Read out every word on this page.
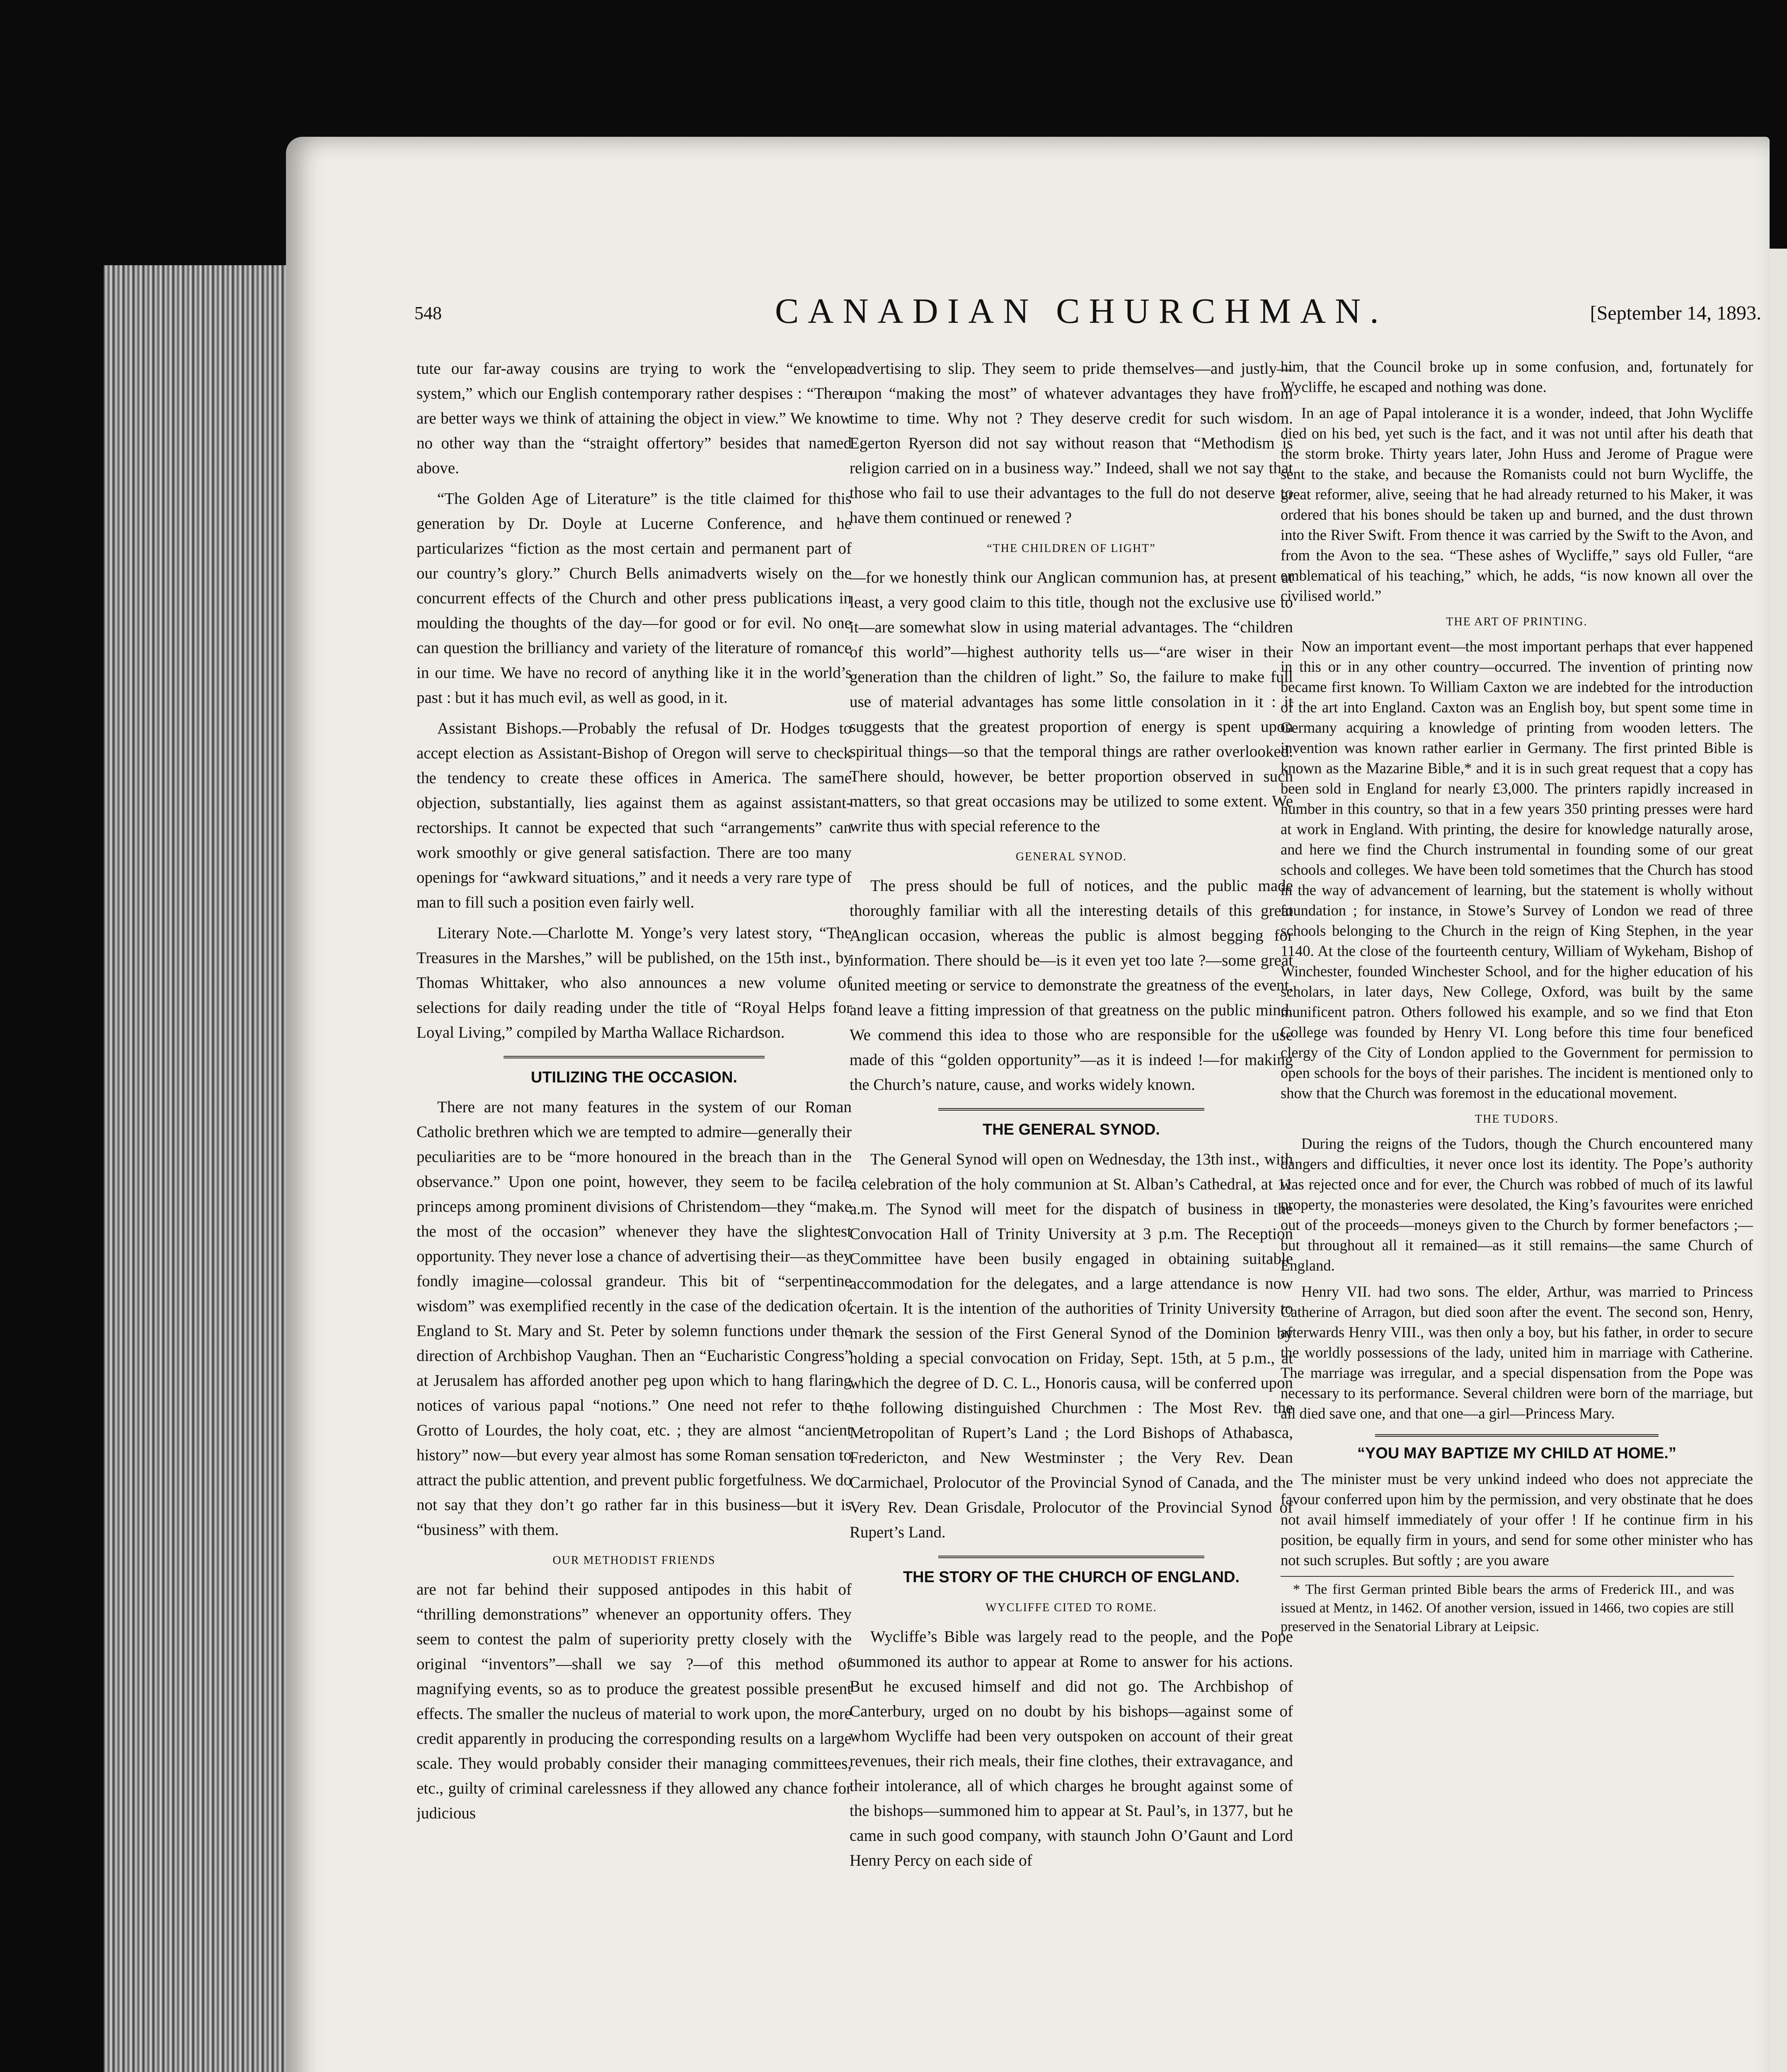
548	CANADIAN CHURCHMAN.	[September 14, 1893.

tute our far-away cousins are trying to work the “envelope system,” which our English contemporary rather despises : “There are better ways we think of attaining the object in view.” We know no other way than the “straight offertory” besides that named above.

“The Golden Age of Literature” is the title claimed for this generation by Dr. Doyle at Lucerne Conference, and he particularizes “fiction as the most certain and permanent part of our country’s glory.” Church Bells animadverts wisely on the concurrent effects of the Church and other press publications in moulding the thoughts of the day—for good or for evil. No one can question the brilliancy and variety of the literature of romance in our time. We have no record of anything like it in the world’s past : but it has much evil, as well as good, in it.

Assistant Bishops.—Probably the refusal of Dr. Hodges to accept election as Assistant-Bishop of Oregon will serve to check the tendency to create these offices in America. The same objection, substantially, lies against them as against assistant-rectorships. It cannot be expected that such “arrangements” can work smoothly or give general satisfaction. There are too many openings for “awkward situations,” and it needs a very rare type of man to fill such a position even fairly well.

Literary Note.—Charlotte M. Yonge’s very latest story, “The Treasures in the Marshes,” will be published, on the 15th inst., by Thomas Whittaker, who also announces a new volume of selections for daily reading under the title of “Royal Helps for Loyal Living,” compiled by Martha Wallace Richardson.

UTILIZING THE OCCASION.

There are not many features in the system of our Roman Catholic brethren which we are tempted to admire—generally their peculiarities are to be “more honoured in the breach than in the observance.” Upon one point, however, they seem to be facile princeps among prominent divisions of Christendom—they “make the most of the occasion” whenever they have the slightest opportunity. They never lose a chance of advertising their—as they fondly imagine—colossal grandeur. This bit of “serpentine wisdom” was exemplified recently in the case of the dedication of England to St. Mary and St. Peter by solemn functions under the direction of Archbishop Vaughan. Then an “Eucharistic Congress” at Jerusalem has afforded another peg upon which to hang flaring notices of various papal “notions.” One need not refer to the Grotto of Lourdes, the holy coat, etc. ; they are almost “ancient history” now—but every year almost has some Roman sensation to attract the public attention, and prevent public forgetfulness. We do not say that they don’t go rather far in this business—but it is “business” with them.

OUR METHODIST FRIENDS

are not far behind their supposed antipodes in this habit of “thrilling demonstrations” whenever an opportunity offers. They seem to contest the palm of superiority pretty closely with the original “inventors”—shall we say ?—of this method of magnifying events, so as to produce the greatest possible present effects. The smaller the nucleus of material to work upon, the more credit apparently in producing the corresponding results on a large scale. They would probably consider their managing committees, etc., guilty of criminal carelessness if they allowed any chance for judicious

advertising to slip. They seem to pride themselves—and justly—upon “making the most” of whatever advantages they have from time to time. Why not ? They deserve credit for such wisdom. Egerton Ryerson did not say without reason that “Methodism is religion carried on in a business way.” Indeed, shall we not say that those who fail to use their advantages to the full do not deserve to have them continued or renewed ?

“THE CHILDREN OF LIGHT”

—for we honestly think our Anglican communion has, at present at least, a very good claim to this title, though not the exclusive use to it—are somewhat slow in using material advantages. The “children of this world”—highest authority tells us—“are wiser in their generation than the children of light.” So, the failure to make full use of material advantages has some little consolation in it : it suggests that the greatest proportion of energy is spent upon spiritual things—so that the temporal things are rather overlooked. There should, however, be better proportion observed in such matters, so that great occasions may be utilized to some extent. We write thus with special reference to the

GENERAL SYNOD.

The press should be full of notices, and the public made thoroughly familiar with all the interesting details of this great Anglican occasion, whereas the public is almost begging for information. There should be—is it even yet too late ?—some great united meeting or service to demonstrate the greatness of the event, and leave a fitting impression of that greatness on the public mind. We commend this idea to those who are responsible for the use made of this “golden opportunity”—as it is indeed !—for making the Church’s nature, cause, and works widely known.

THE GENERAL SYNOD.

The General Synod will open on Wednesday, the 13th inst., with a celebration of the holy communion at St. Alban’s Cathedral, at 11 a.m. The Synod will meet for the dispatch of business in the Convocation Hall of Trinity University at 3 p.m. The Reception Committee have been busily engaged in obtaining suitable accommodation for the delegates, and a large attendance is now certain. It is the intention of the authorities of Trinity University to mark the session of the First General Synod of the Dominion by holding a special convocation on Friday, Sept. 15th, at 5 p.m., at which the degree of D. C. L., Honoris causa, will be conferred upon the following distinguished Churchmen : The Most Rev. the Metropolitan of Rupert’s Land ; the Lord Bishops of Athabasca, Fredericton, and New Westminster ; the Very Rev. Dean Carmichael, Prolocutor of the Provincial Synod of Canada, and the Very Rev. Dean Grisdale, Prolocutor of the Provincial Synod of Rupert’s Land.

THE STORY OF THE CHURCH OF ENGLAND.
WYCLIFFE CITED TO ROME.

Wycliffe’s Bible was largely read to the people, and the Pope summoned its author to appear at Rome to answer for his actions. But he excused himself and did not go. The Archbishop of Canterbury, urged on no doubt by his bishops—against some of whom Wycliffe had been very outspoken on account of their great revenues, their rich meals, their fine clothes, their extravagance, and their intolerance, all of which charges he brought against some of the bishops—summoned him to appear at St. Paul’s, in 1377, but he came in such good company, with staunch John O’Gaunt and Lord Henry Percy on each side of

him, that the Council broke up in some confusion, and, fortunately for Wycliffe, he escaped and nothing was done.

In an age of Papal intolerance it is a wonder, indeed, that John Wycliffe died on his bed, yet such is the fact, and it was not until after his death that the storm broke. Thirty years later, John Huss and Jerome of Prague were sent to the stake, and because the Romanists could not burn Wycliffe, the great reformer, alive, seeing that he had already returned to his Maker, it was ordered that his bones should be taken up and burned, and the dust thrown into the River Swift. From thence it was carried by the Swift to the Avon, and from the Avon to the sea. “These ashes of Wycliffe,” says old Fuller, “are emblematical of his teaching,” which, he adds, “is now known all over the civilised world.”

THE ART OF PRINTING.

Now an important event—the most important perhaps that ever happened in this or in any other country—occurred. The invention of printing now became first known. To William Caxton we are indebted for the introduction of the art into England. Caxton was an English boy, but spent some time in Germany acquiring a knowledge of printing from wooden letters. The invention was known rather earlier in Germany. The first printed Bible is known as the Mazarine Bible,* and it is in such great request that a copy has been sold in England for nearly £3,000. The printers rapidly increased in number in this country, so that in a few years 350 printing presses were hard at work in England. With printing, the desire for knowledge naturally arose, and here we find the Church instrumental in founding some of our great schools and colleges. We have been told sometimes that the Church has stood in the way of advancement of learning, but the statement is wholly without foundation ; for instance, in Stowe’s Survey of London we read of three schools belonging to the Church in the reign of King Stephen, in the year 1140. At the close of the fourteenth century, William of Wykeham, Bishop of Winchester, founded Winchester School, and for the higher education of his scholars, in later days, New College, Oxford, was built by the same munificent patron. Others followed his example, and so we find that Eton College was founded by Henry VI. Long before this time four beneficed clergy of the City of London applied to the Government for permission to open schools for the boys of their parishes. The incident is mentioned only to show that the Church was foremost in the educational movement.

THE TUDORS.

During the reigns of the Tudors, though the Church encountered many dangers and difficulties, it never once lost its identity. The Pope’s authority was rejected once and for ever, the Church was robbed of much of its lawful property, the monasteries were desolated, the King’s favourites were enriched out of the proceeds—moneys given to the Church by former benefactors ;—but throughout all it remained—as it still remains—the same Church of England.

Henry VII. had two sons. The elder, Arthur, was married to Princess Catherine of Arragon, but died soon after the event. The second son, Henry, afterwards Henry VIII., was then only a boy, but his father, in order to secure the worldly possessions of the lady, united him in marriage with Catherine. The marriage was irregular, and a special dispensation from the Pope was necessary to its performance. Several children were born of the marriage, but all died save one, and that one—a girl—Princess Mary.

“YOU MAY BAPTIZE MY CHILD AT HOME.”

The minister must be very unkind indeed who does not appreciate the favour conferred upon him by the permission, and very obstinate that he does not avail himself immediately of your offer ! If he continue firm in his position, be equally firm in yours, and send for some other minister who has not such scruples. But softly ; are you aware

* The first German printed Bible bears the arms of Frederick III., and was issued at Mentz, in 1462. Of another version, issued in 1466, two copies are still preserved in the Senatorial Library at Leipsic.
